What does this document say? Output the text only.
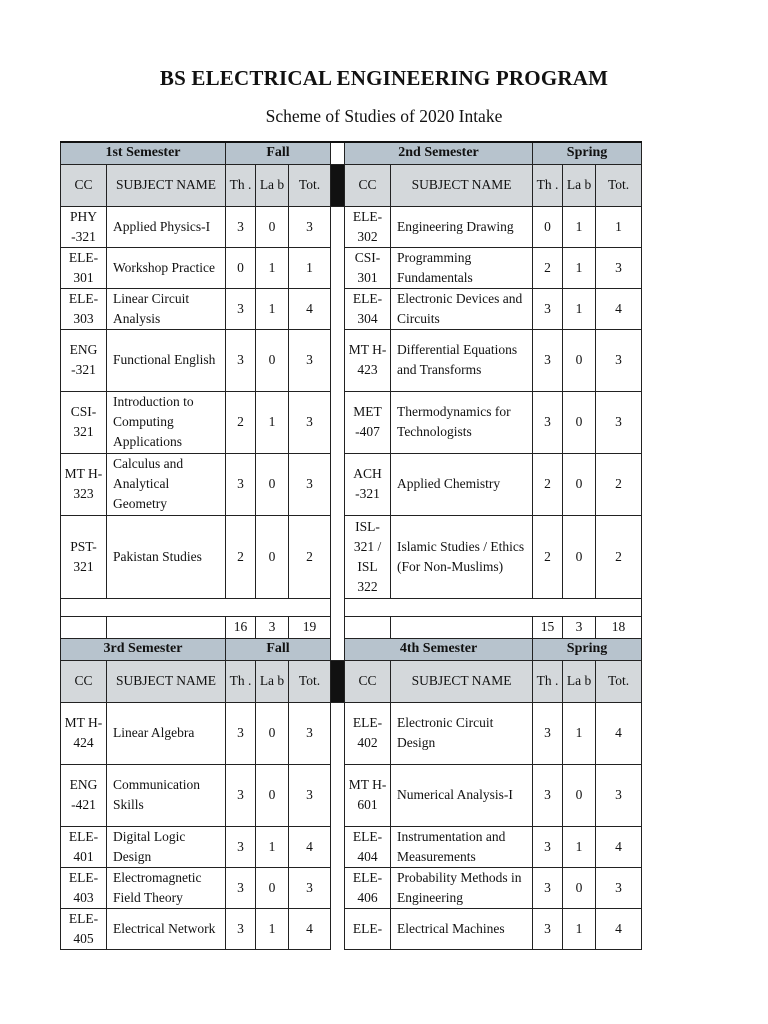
BS ELECTRICAL ENGINEERING PROGRAM
Scheme of Studies of 2020 Intake
1st Semester		Fall				2nd Semester		Spring		
CC	SUBJECT NAME	Th .	La b	Tot.		CC	SUBJECT NAME	Th .	La b	Tot.
PHY -321	Applied Physics-I	3	0	3		ELE-302	Engineering Drawing	0	1	1
ELE-301	Workshop Practice	0	1	1		CSI-301	Programming Fundamentals	2	1	3
ELE-303	Linear Circuit Analysis	3	1	4		ELE-304	Electronic Devices and Circuits	3	1	4
ENG -321	Functional English	3	0	3		MT H-423	Differential Equations and Transforms	3	0	3
CSI-321	Introduction to Computing Applications	2	1	3		MET -407	Thermodynamics for Technologists	3	0	3
MT H-323	Calculus and Analytical Geometry	3	0	3		ACH -321	Applied Chemistry	2	0	2
PST-321	Pakistan Studies	2	0	2		ISL-321 / ISL 322	Islamic Studies / Ethics (For Non-Muslims)	2	0	2

		16	3	19				15	3	18
3rd Semester		Fall				4th Semester		Spring		
CC	SUBJECT NAME	Th .	La b	Tot.		CC	SUBJECT NAME	Th .	La b	Tot.
MT H-424	Linear Algebra	3	0	3		ELE-402	Electronic Circuit Design	3	1	4
ENG -421	Communication Skills	3	0	3		MT H-601	Numerical Analysis-I	3	0	3
ELE-401	Digital Logic Design	3	1	4		ELE-404	Instrumentation and Measurements	3	1	4
ELE-403	Electromagnetic Field Theory	3	0	3		ELE-406	Probability Methods in Engineering	3	0	3
ELE-405	Electrical Network	3	1	4		ELE-	Electrical Machines	3	1	4
